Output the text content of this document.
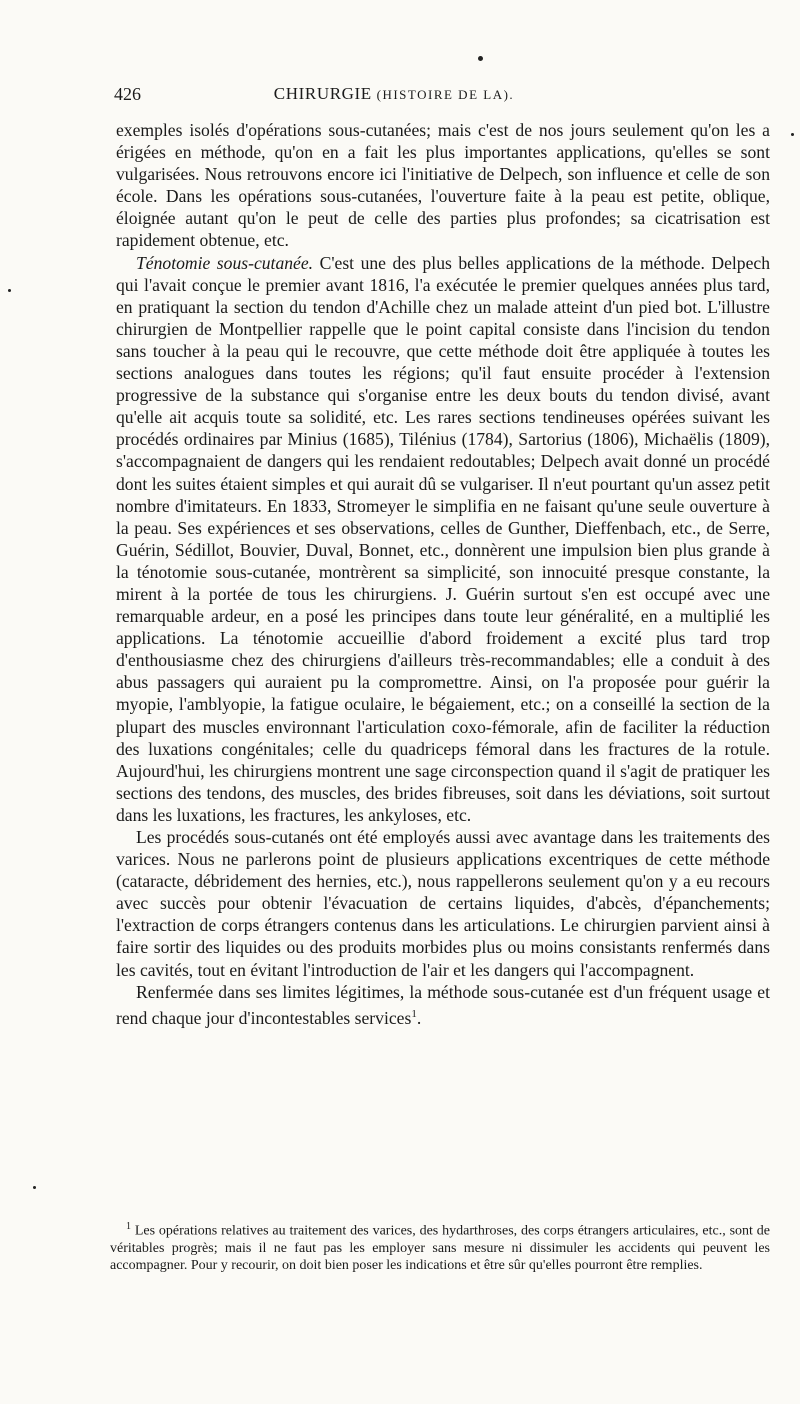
426	CHIRURGIE (HISTOIRE DE LA).

exemples isolés d'opérations sous-cutanées; mais c'est de nos jours seulement qu'on les a érigées en méthode, qu'on en a fait les plus importantes applications, qu'elles se sont vulgarisées. Nous retrouvons encore ici l'initiative de Delpech, son influence et celle de son école. Dans les opérations sous-cutanées, l'ouverture faite à la peau est petite, oblique, éloignée autant qu'on le peut de celle des parties plus profondes; sa cicatrisation est rapidement obtenue, etc.

Ténotomie sous-cutanée. C'est une des plus belles applications de la méthode. Delpech qui l'avait conçue le premier avant 1816, l'a exécutée le premier quelques années plus tard, en pratiquant la section du tendon d'Achille chez un malade atteint d'un pied bot. L'illustre chirurgien de Montpellier rappelle que le point capital consiste dans l'incision du tendon sans toucher à la peau qui le recouvre, que cette méthode doit être appliquée à toutes les sections analogues dans toutes les régions; qu'il faut ensuite procéder à l'extension progressive de la substance qui s'organise entre les deux bouts du tendon divisé, avant qu'elle ait acquis toute sa solidité, etc. Les rares sections tendineuses opérées suivant les procédés ordinaires par Minius (1685), Tilénius (1784), Sartorius (1806), Michaëlis (1809), s'accompagnaient de dangers qui les rendaient redoutables; Delpech avait donné un procédé dont les suites étaient simples et qui aurait dû se vulgariser. Il n'eut pourtant qu'un assez petit nombre d'imitateurs. En 1833, Stromeyer le simplifia en ne faisant qu'une seule ouverture à la peau. Ses expériences et ses observations, celles de Gunther, Dieffenbach, etc., de Serre, Guérin, Sédillot, Bouvier, Duval, Bonnet, etc., donnèrent une impulsion bien plus grande à la ténotomie sous-cutanée, montrèrent sa simplicité, son innocuité presque constante, la mirent à la portée de tous les chirurgiens. J. Guérin surtout s'en est occupé avec une remarquable ardeur, en a posé les principes dans toute leur généralité, en a multiplié les applications. La ténotomie accueillie d'abord froidement a excité plus tard trop d'enthousiasme chez des chirurgiens d'ailleurs très-recommandables; elle a conduit à des abus passagers qui auraient pu la compromettre. Ainsi, on l'a proposée pour guérir la myopie, l'amblyopie, la fatigue oculaire, le bégaiement, etc.; on a conseillé la section de la plupart des muscles environnant l'articulation coxo-fémorale, afin de faciliter la réduction des luxations congénitales; celle du quadriceps fémoral dans les fractures de la rotule. Aujourd'hui, les chirurgiens montrent une sage circonspection quand il s'agit de pratiquer les sections des tendons, des muscles, des brides fibreuses, soit dans les déviations, soit surtout dans les luxations, les fractures, les ankyloses, etc.

Les procédés sous-cutanés ont été employés aussi avec avantage dans les traitements des varices. Nous ne parlerons point de plusieurs applications excentriques de cette méthode (cataracte, débridement des hernies, etc.), nous rappellerons seulement qu'on y a eu recours avec succès pour obtenir l'évacuation de certains liquides, d'abcès, d'épanchements; l'extraction de corps étrangers contenus dans les articulations. Le chirurgien parvient ainsi à faire sortir des liquides ou des produits morbides plus ou moins consistants renfermés dans les cavités, tout en évitant l'introduction de l'air et les dangers qui l'accompagnent.

Renfermée dans ses limites légitimes, la méthode sous-cutanée est d'un fréquent usage et rend chaque jour d'incontestables services$^1$.

$^1$ Les opérations relatives au traitement des varices, des hydarthroses, des corps étrangers articulaires, etc., sont de véritables progrès; mais il ne faut pas les employer sans mesure ni dissimuler les accidents qui peuvent les accompagner. Pour y recourir, on doit bien poser les indications et être sûr qu'elles pourront être remplies.
